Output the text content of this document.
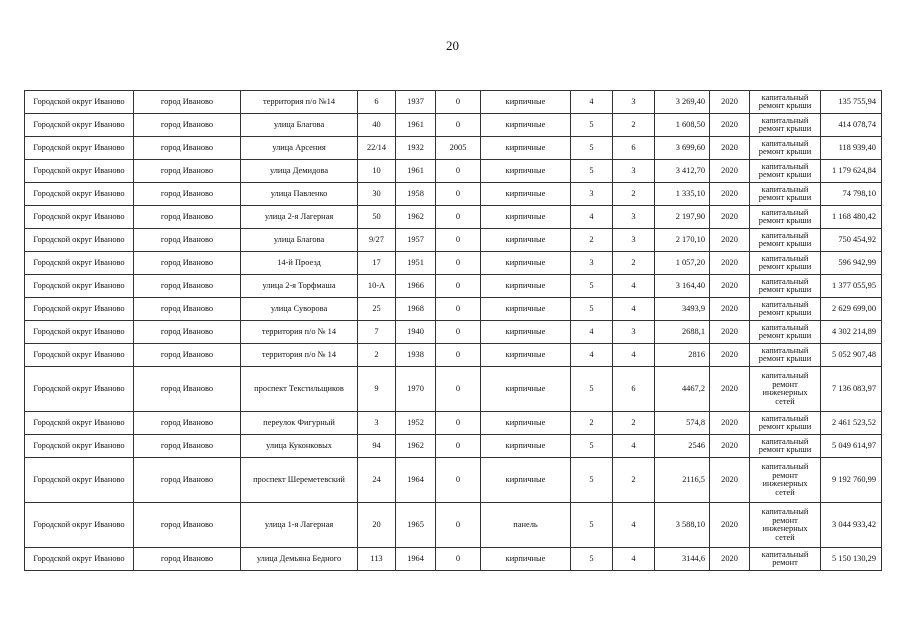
20
Городской округ Иваново	город Иваново	территория п/о №14	6	1937	0	кирпичные	4	3	3 269,40	2020	капитальный ремонт крыши	135 755,94
Городской округ Иваново	город Иваново	улица Благова	40	1961	0	кирпичные	5	2	1 608,50	2020	капитальный ремонт крыши	414 078,74
Городской округ Иваново	город Иваново	улица Арсения	22/14	1932	2005	кирпичные	5	6	3 699,60	2020	капитальный ремонт крыши	118 939,40
Городской округ Иваново	город Иваново	улица Демидова	10	1961	0	кирпичные	5	3	3 412,70	2020	капитальный ремонт крыши	1 179 624,84
Городской округ Иваново	город Иваново	улица Павленко	30	1958	0	кирпичные	3	2	1 335,10	2020	капитальный ремонт крыши	74 798,10
Городской округ Иваново	город Иваново	улица 2-я Лагерная	50	1962	0	кирпичные	4	3	2 197,90	2020	капитальный ремонт крыши	1 168 480,42
Городской округ Иваново	город Иваново	улица Благова	9/27	1957	0	кирпичные	2	3	2 170,10	2020	капитальный ремонт крыши	750 454,92
Городской округ Иваново	город Иваново	14-й Проезд	17	1951	0	кирпичные	3	2	1 057,20	2020	капитальный ремонт крыши	596 942,99
Городской округ Иваново	город Иваново	улица 2-я Торфмаша	10-А	1966	0	кирпичные	5	4	3 164,40	2020	капитальный ремонт крыши	1 377 055,95
Городской округ Иваново	город Иваново	улица Суворова	25	1968	0	кирпичные	5	4	3493,9	2020	капитальный ремонт крыши	2 629 699,00
Городской округ Иваново	город Иваново	территория п/о № 14	7	1940	0	кирпичные	4	3	2688,1	2020	капитальный ремонт крыши	4 302 214,89
Городской округ Иваново	город Иваново	территория п/о № 14	2	1938	0	кирпичные	4	4	2816	2020	капитальный ремонт крыши	5 052 907,48
Городской округ Иваново	город Иваново	проспект Текстильщиков	9	1970	0	кирпичные	5	6	4467,2	2020	капитальный ремонт инженерных сетей	7 136 083,97
Городской округ Иваново	город Иваново	переулок Фигурный	3	1952	0	кирпичные	2	2	574,8	2020	капитальный ремонт крыши	2 461 523,52
Городской округ Иваново	город Иваново	улица Куконковых	94	1962	0	кирпичные	5	4	2546	2020	капитальный ремонт крыши	5 049 614,97
Городской округ Иваново	город Иваново	проспект Шереметевский	24	1964	0	кирпичные	5	2	2116,5	2020	капитальный ремонт инженерных сетей	9 192 760,99
Городской округ Иваново	город Иваново	улица 1-я Лагерная	20	1965	0	панель	5	4	3 588,10	2020	капитальный ремонт инженерных сетей	3 044 933,42
Городской округ Иваново	город Иваново	улица Демьяна Бедного	113	1964	0	кирпичные	5	4	3144,6	2020	капитальный ремонт	5 150 130,29
